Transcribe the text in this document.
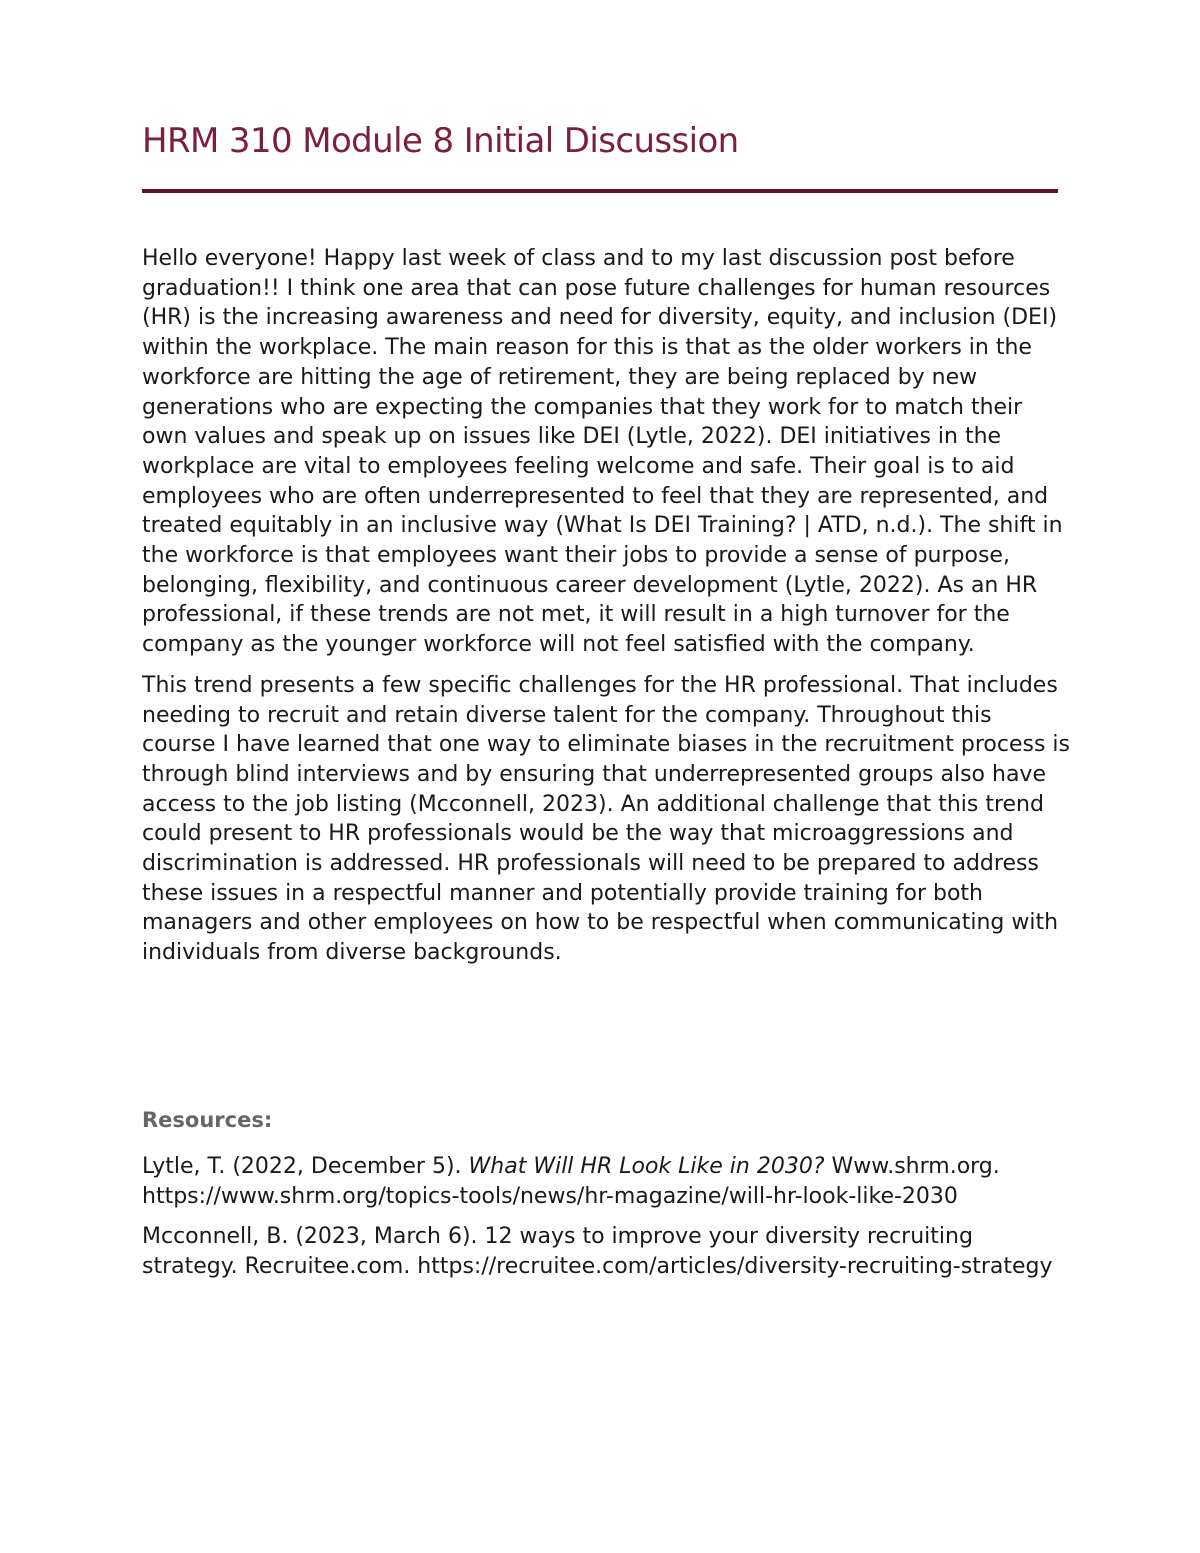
HRM 310 Module 8 Initial Discussion

Hello everyone! Happy last week of class and to my last discussion post before graduation!! I think one area that can pose future challenges for human resources (HR) is the increasing awareness and need for diversity, equity, and inclusion (DEI) within the workplace. The main reason for this is that as the older workers in the workforce are hitting the age of retirement, they are being replaced by new generations who are expecting the companies that they work for to match their own values and speak up on issues like DEI (Lytle, 2022). DEI initiatives in the workplace are vital to employees feeling welcome and safe. Their goal is to aid employees who are often underrepresented to feel that they are represented, and treated equitably in an inclusive way (What Is DEI Training? | ATD, n.d.). The shift in the workforce is that employees want their jobs to provide a sense of purpose, belonging, flexibility, and continuous career development (Lytle, 2022). As an HR professional, if these trends are not met, it will result in a high turnover for the company as the younger workforce will not feel satisfied with the company.

This trend presents a few specific challenges for the HR professional. That includes needing to recruit and retain diverse talent for the company. Throughout this course I have learned that one way to eliminate biases in the recruitment process is through blind interviews and by ensuring that underrepresented groups also have access to the job listing (Mcconnell, 2023). An additional challenge that this trend could present to HR professionals would be the way that microaggressions and discrimination is addressed. HR professionals will need to be prepared to address these issues in a respectful manner and potentially provide training for both managers and other employees on how to be respectful when communicating with individuals from diverse backgrounds.

Resources:

Lytle, T. (2022, December 5). What Will HR Look Like in 2030? Www.shrm.org. https://www.shrm.org/topics-tools/news/hr-magazine/will-hr-look-like-2030

Mcconnell, B. (2023, March 6). 12 ways to improve your diversity recruiting strategy. Recruitee.com. https://recruitee.com/articles/diversity-recruiting-strategy
